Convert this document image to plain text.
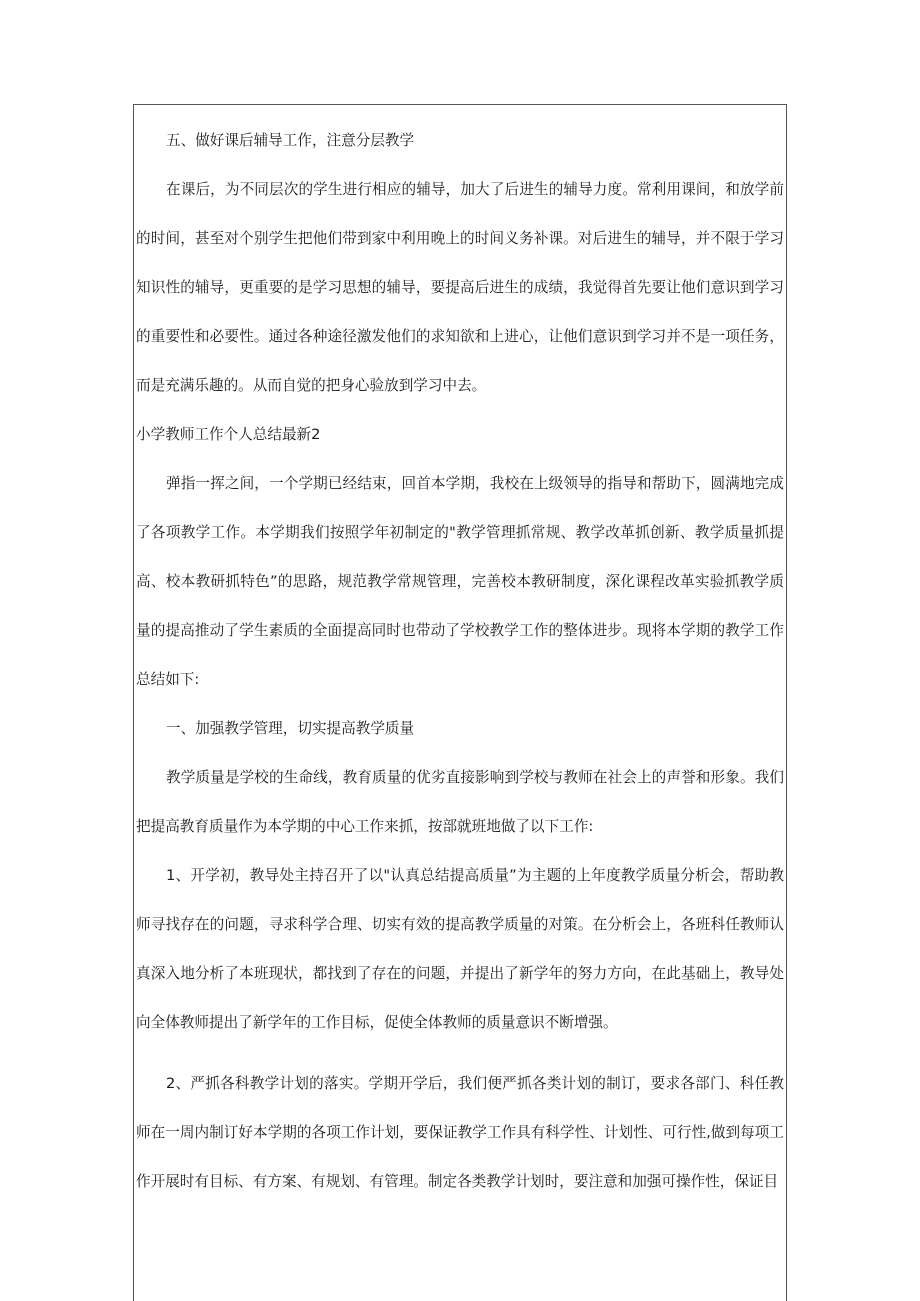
五、做好课后辅导工作，注意分层教学

在课后，为不同层次的学生进行相应的辅导，加大了后进生的辅导力度。常利用课间，和放学前的时间，甚至对个别学生把他们带到家中利用晚上的时间义务补课。对后进生的辅导，并不限于学习知识性的辅导，更重要的是学习思想的辅导，要提高后进生的成绩，我觉得首先要让他们意识到学习的重要性和必要性。通过各种途径激发他们的求知欲和上进心，让他们意识到学习并不是一项任务，而是充满乐趣的。从而自觉的把身心验放到学习中去。

小学教师工作个人总结最新2

弹指一挥之间，一个学期已经结束，回首本学期，我校在上级领导的指导和帮助下，圆满地完成了各项教学工作。本学期我们按照学年初制定的"教学管理抓常规、教学改革抓创新、教学质量抓提高、校本教研抓特色”的思路，规范教学常规管理，完善校本教研制度，深化课程改革实验抓教学质量的提高推动了学生素质的全面提高同时也带动了学校教学工作的整体进步。现将本学期的教学工作总结如下:

一、加强教学管理，切实提高教学质量

教学质量是学校的生命线，教育质量的优劣直接影响到学校与教师在社会上的声誉和形象。我们把提高教育质量作为本学期的中心工作来抓，按部就班地做了以下工作:

1、开学初，教导处主持召开了以"认真总结提高质量”为主题的上年度教学质量分析会，帮助教师寻找存在的问题，寻求科学合理、切实有效的提高教学质量的对策。在分析会上，各班科任教师认真深入地分析了本班现状，都找到了存在的问题，并提出了新学年的努力方向，在此基础上，教导处向全体教师提出了新学年的工作目标，促使全体教师的质量意识不断增强。

2、严抓各科教学计划的落实。学期开学后，我们便严抓各类计划的制订，要求各部门、科任教师在一周内制订好本学期的各项工作计划，要保证教学工作具有科学性、计划性、可行性,做到每项工作开展时有目标、有方案、有规划、有管理。制定各类教学计划时，要注意和加强可操作性，保证目
